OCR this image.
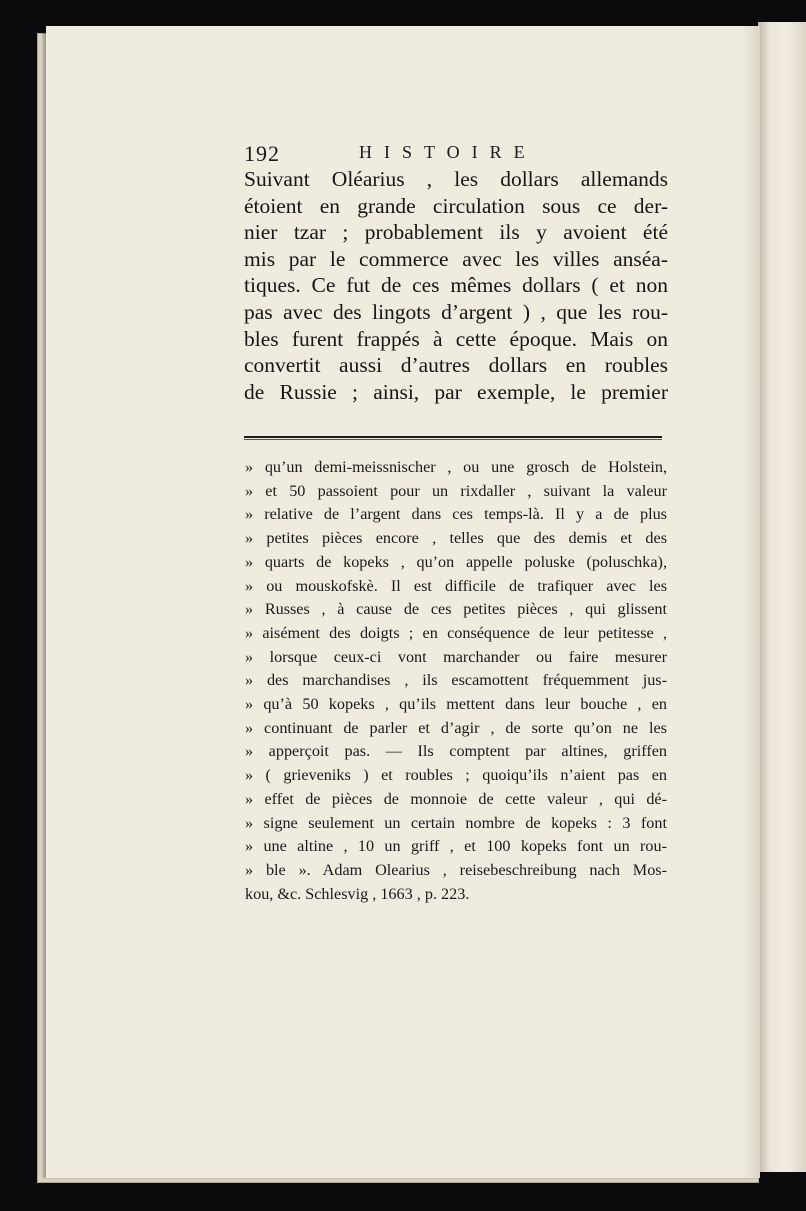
192	HISTOIRE
Suivant Oléarius , les dollars allemands
étoient en grande circulation sous ce der-
nier tzar ; probablement ils y avoient été
mis par le commerce avec les villes anséa-
tiques. Ce fut de ces mêmes dollars ( et non
pas avec des lingots d’argent ) , que les rou-
bles furent frappés à cette époque. Mais on
convertit aussi d’autres dollars en roubles
de Russie ; ainsi, par exemple, le premier
» qu’un demi-meissnischer , ou une grosch de Holstein,
» et 50 passoient pour un rixdaller , suivant la valeur
» relative de l’argent dans ces temps-là. Il y a de plus
» petites pièces encore , telles que des demis et des
» quarts de kopeks , qu’on appelle poluske (poluschka),
» ou mouskofskè. Il est difficile de trafiquer avec les
» Russes , à cause de ces petites pièces , qui glissent
» aisément des doigts ; en conséquence de leur petitesse ,
» lorsque ceux-ci vont marchander ou faire mesurer
» des marchandises , ils escamottent fréquemment jus-
» qu’à 50 kopeks , qu’ils mettent dans leur bouche , en
» continuant de parler et d’agir , de sorte qu’on ne les
» apperçoit pas. — Ils comptent par altines, griffen
» ( grieveniks ) et roubles ; quoiqu’ils n’aient pas en
» effet de pièces de monnoie de cette valeur , qui dé-
» signe seulement un certain nombre de kopeks : 3 font
» une altine , 10 un griff , et 100 kopeks font un rou-
» ble ». Adam Olearius , reisebeschreibung nach Mos-
kou, &c. Schlesvig , 1663 , p. 223.
